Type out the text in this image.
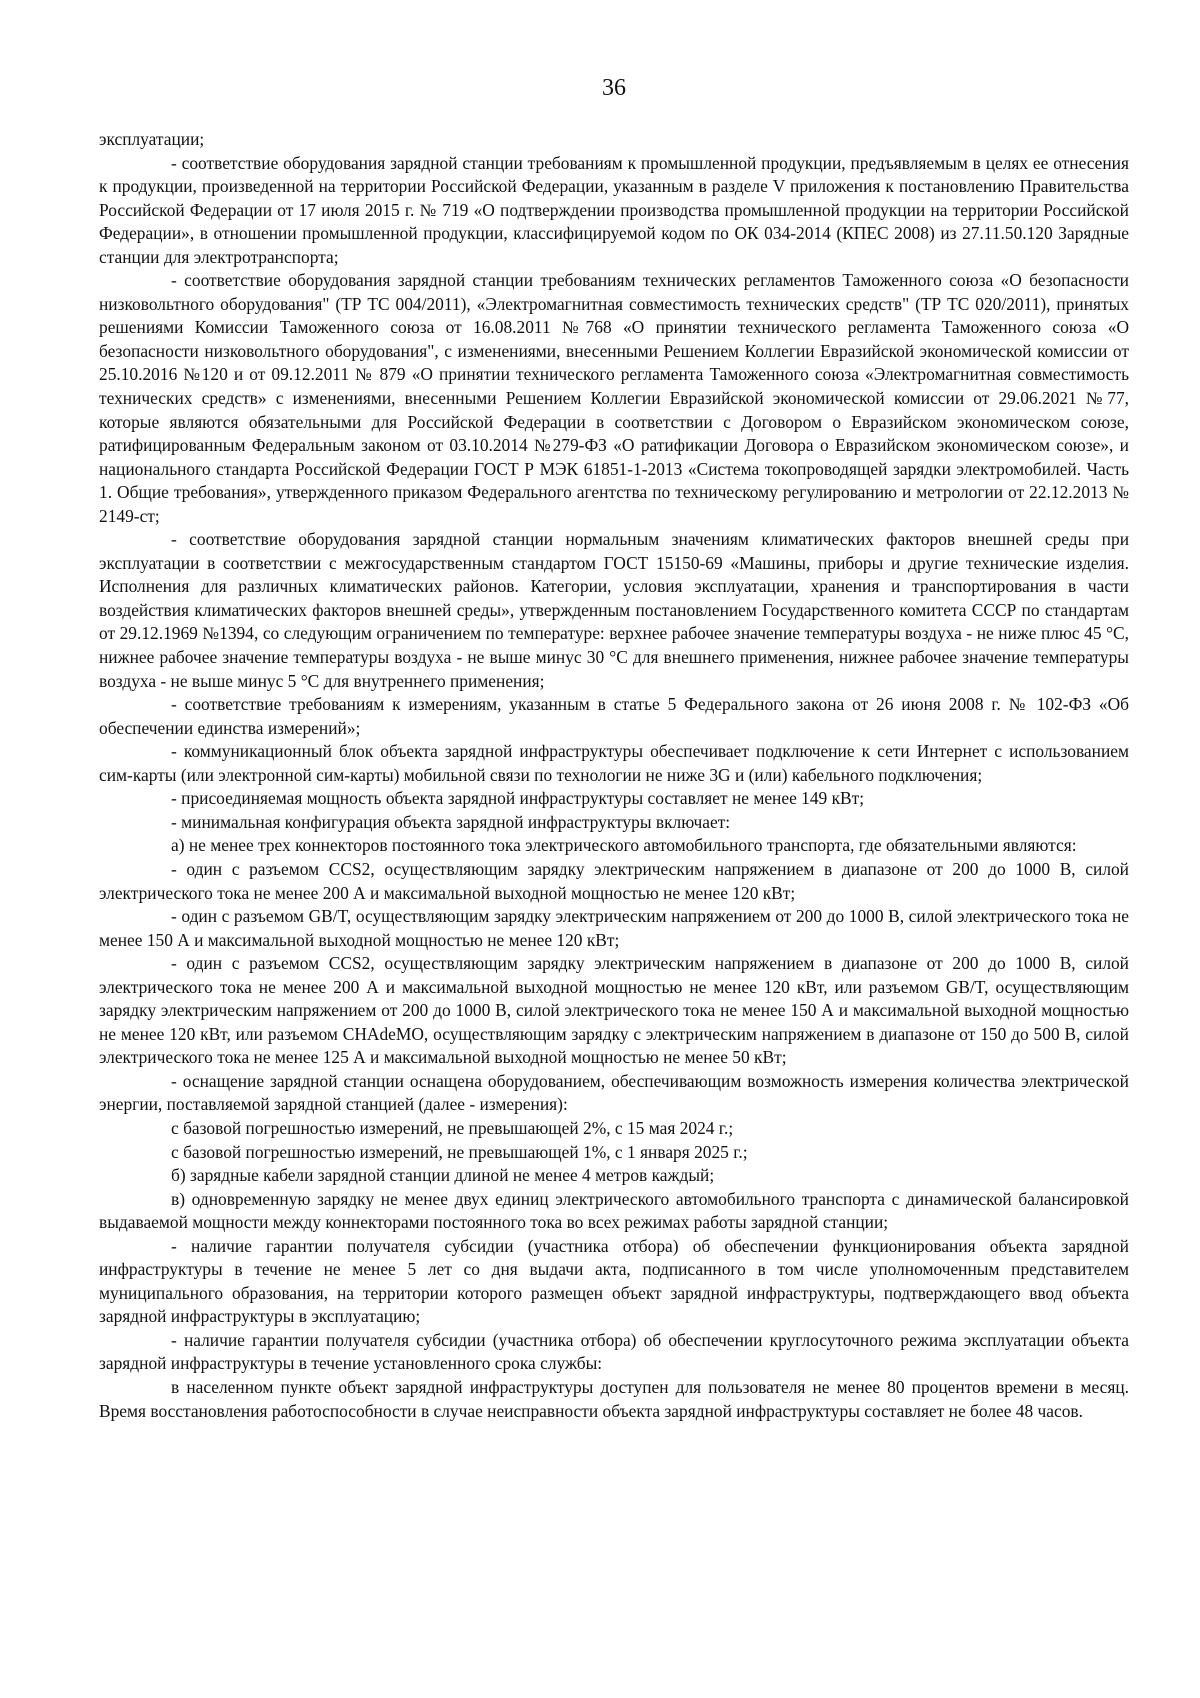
36

эксплуатации;

- соответствие оборудования зарядной станции требованиям к промышленной продукции, предъявляемым в целях ее отнесения к продукции, произведенной на территории Российской Федерации, указанным в разделе V приложения к постановлению Правительства Российской Федерации от 17 июля 2015 г. № 719 «О подтверждении производства промышленной продукции на территории Российской Федерации», в отношении промышленной продукции, классифицируемой кодом по ОК 034-2014 (КПЕС 2008) из 27.11.50.120 Зарядные станции для электротранспорта;

- соответствие оборудования зарядной станции требованиям технических регламентов Таможенного союза «О безопасности низковольтного оборудования" (ТР ТС 004/2011), «Электромагнитная совместимость технических средств" (ТР ТС 020/2011), принятых решениями Комиссии Таможенного союза от 16.08.2011 №768 «О принятии технического регламента Таможенного союза «О безопасности низковольтного оборудования", с изменениями, внесенными Решением Коллегии Евразийской экономической комиссии от 25.10.2016 №120 и от 09.12.2011 № 879 «О принятии технического регламента Таможенного союза «Электромагнитная совместимость технических средств» с изменениями, внесенными Решением Коллегии Евразийской экономической комиссии от 29.06.2021 №77, которые являются обязательными для Российской Федерации в соответствии с Договором о Евразийском экономическом союзе, ратифицированным Федеральным законом от 03.10.2014 №279-ФЗ «О ратификации Договора о Евразийском экономическом союзе», и национального стандарта Российской Федерации ГОСТ Р МЭК 61851-1-2013 «Система токопроводящей зарядки электромобилей. Часть 1. Общие требования», утвержденного приказом Федерального агентства по техническому регулированию и метрологии от 22.12.2013 № 2149-ст;

- соответствие оборудования зарядной станции нормальным значениям климатических факторов внешней среды при эксплуатации в соответствии с межгосударственным стандартом ГОСТ 15150-69 «Машины, приборы и другие технические изделия. Исполнения для различных климатических районов. Категории, условия эксплуатации, хранения и транспортирования в части воздействия климатических факторов внешней среды», утвержденным постановлением Государственного комитета СССР по стандартам от 29.12.1969 №1394, со следующим ограничением по температуре: верхнее рабочее значение температуры воздуха - не ниже плюс 45 °С, нижнее рабочее значение температуры воздуха - не выше минус 30 °С для внешнего применения, нижнее рабочее значение температуры воздуха - не выше минус 5 °С для внутреннего применения;

- соответствие требованиям к измерениям, указанным в статье 5 Федерального закона от 26 июня 2008 г. № 102-ФЗ «Об обеспечении единства измерений»;

- коммуникационный блок объекта зарядной инфраструктуры обеспечивает подключение к сети Интернет с использованием сим-карты (или электронной сим-карты) мобильной связи по технологии не ниже 3G и (или) кабельного подключения;

- присоединяемая мощность объекта зарядной инфраструктуры составляет не менее 149 кВт;

- минимальная конфигурация объекта зарядной инфраструктуры включает:

а) не менее трех коннекторов постоянного тока электрического автомобильного транспорта, где обязательными являются:

- один с разъемом CCS2, осуществляющим зарядку электрическим напряжением в диапазоне от 200 до 1000 В, силой электрического тока не менее 200 А и максимальной выходной мощностью не менее 120 кВт;

- один с разъемом GB/T, осуществляющим зарядку электрическим напряжением от 200 до 1000 В, силой электрического тока не менее 150 А и максимальной выходной мощностью не менее 120 кВт;

- один с разъемом CCS2, осуществляющим зарядку электрическим напряжением в диапазоне от 200 до 1000 В, силой электрического тока не менее 200 А и максимальной выходной мощностью не менее 120 кВт, или разъемом GB/T, осуществляющим зарядку электрическим напряжением от 200 до 1000 В, силой электрического тока не менее 150 А и максимальной выходной мощностью не менее 120 кВт, или разъемом CHAdeMO, осуществляющим зарядку с электрическим напряжением в диапазоне от 150 до 500 В, силой электрического тока не менее 125 А и максимальной выходной мощностью не менее 50 кВт;

- оснащение зарядной станции оснащена оборудованием, обеспечивающим возможность измерения количества электрической энергии, поставляемой зарядной станцией (далее - измерения):

с базовой погрешностью измерений, не превышающей 2%, с 15 мая 2024 г.;

с базовой погрешностью измерений, не превышающей 1%, с 1 января 2025 г.;

б) зарядные кабели зарядной станции длиной не менее 4 метров каждый;

в) одновременную зарядку не менее двух единиц электрического автомобильного транспорта с динамической балансировкой выдаваемой мощности между коннекторами постоянного тока во всех режимах работы зарядной станции;

- наличие гарантии получателя субсидии (участника отбора) об обеспечении функционирования объекта зарядной инфраструктуры в течение не менее 5 лет со дня выдачи акта, подписанного в том числе уполномоченным представителем муниципального образования, на территории которого размещен объект зарядной инфраструктуры, подтверждающего ввод объекта зарядной инфраструктуры в эксплуатацию;

- наличие гарантии получателя субсидии (участника отбора) об обеспечении круглосуточного режима эксплуатации объекта зарядной инфраструктуры в течение установленного срока службы:

в населенном пункте объект зарядной инфраструктуры доступен для пользователя не менее 80 процентов времени в месяц. Время восстановления работоспособности в случае неисправности объекта зарядной инфраструктуры составляет не более 48 часов.
